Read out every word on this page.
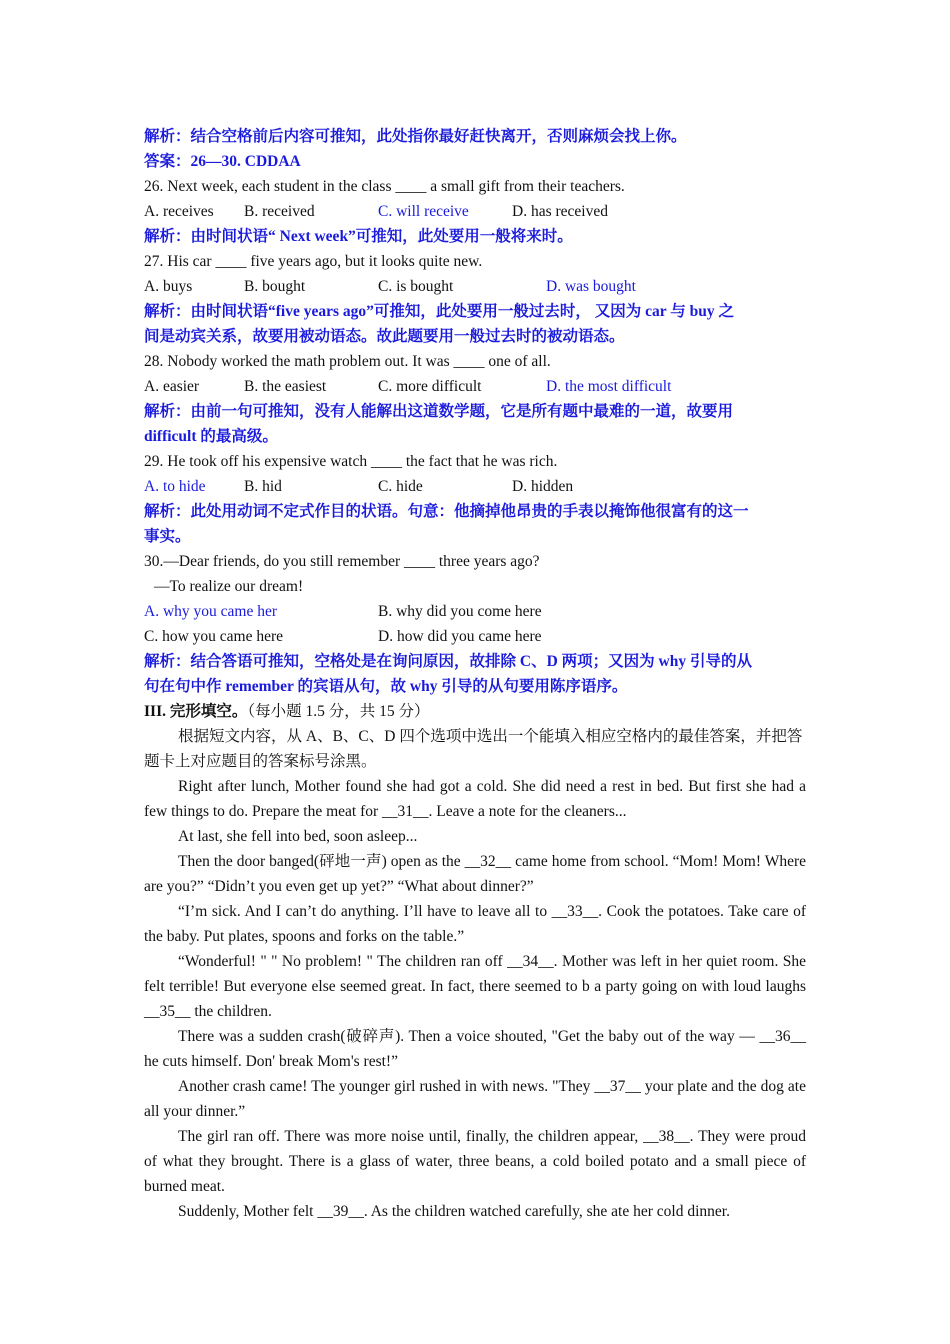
解析：结合空格前后内容可推知，此处指你最好赶快离开，否则麻烦会找上你。
答案：26—30. CDDAA
26. Next week, each student in the class ____ a small gift from their teachers.
A. receives	B. received	C. will receive	D. has received
解析：由时间状语“ Next week”可推知，此处要用一般将来时。
27. His car ____ five years ago, but it looks quite new.
A. buys	B. bought	C. is bought	D. was bought
解析：由时间状语“five years ago”可推知，此处要用一般过去时， 又因为 car 与 buy 之
间是动宾关系，故要用被动语态。故此题要用一般过去时的被动语态。
28. Nobody worked the math problem out. It was ____ one of all.
A. easier	B. the easiest	C. more difficult	D. the most difficult
解析：由前一句可推知，没有人能解出这道数学题，它是所有题中最难的一道，故要用
difficult 的最高级。
29. He took off his expensive watch ____ the fact that he was rich.
A. to hide	B. hid	C. hide	D. hidden
解析：此处用动词不定式作目的状语。句意：他摘掉他昂贵的手表以掩饰他很富有的这一
事实。
30.—Dear friends, do you still remember ____ three years ago?
—To realize our dream!
A. why you came her	B. why did you come here
C. how you came here	D. how did you came here
解析：结合答语可推知，空格处是在询问原因，故排除 C、D 两项；又因为 why 引导的从
句在句中作 remember 的宾语从句，故 why 引导的从句要用陈序语序。
III. 完形填空。（每小题 1.5 分，共 15 分）
根据短文内容，从 A、B、C、D 四个选项中选出一个能填入相应空格内的最佳答案，并把答题卡上对应题目的答案标号涂黑。
Right after lunch, Mother found she had got a cold. She did need a rest in bed. But first she had a few things to do. Prepare the meat for __31__. Leave a note for the cleaners...
At last, she fell into bed, soon asleep...
Then the door banged(砰地一声) open as the __32__ came home from school. “Mom! Mom! Where are you?” “Didn’t you even get up yet?” “What about dinner?”
“I’m sick. And I can’t do anything. I’ll have to leave all to __33__. Cook the potatoes. Take care of the baby. Put plates, spoons and forks on the table.”
“Wonderful! " " No problem! " The children ran off __34__. Mother was left in her quiet room. She felt terrible! But everyone else seemed great. In fact, there seemed to b a party going on with loud laughs __35__ the children.
There was a sudden crash(破碎声). Then a voice shouted, "Get the baby out of the way — __36__ he cuts himself. Don' break Mom's rest!”
Another crash came! The younger girl rushed in with news. "They __37__ your plate and the dog ate all your dinner.”
The girl ran off. There was more noise until, finally, the children appear, __38__. They were proud of what they brought. There is a glass of water, three beans, a cold boiled potato and a small piece of burned meat.
Suddenly, Mother felt __39__. As the children watched carefully, she ate her cold dinner.
